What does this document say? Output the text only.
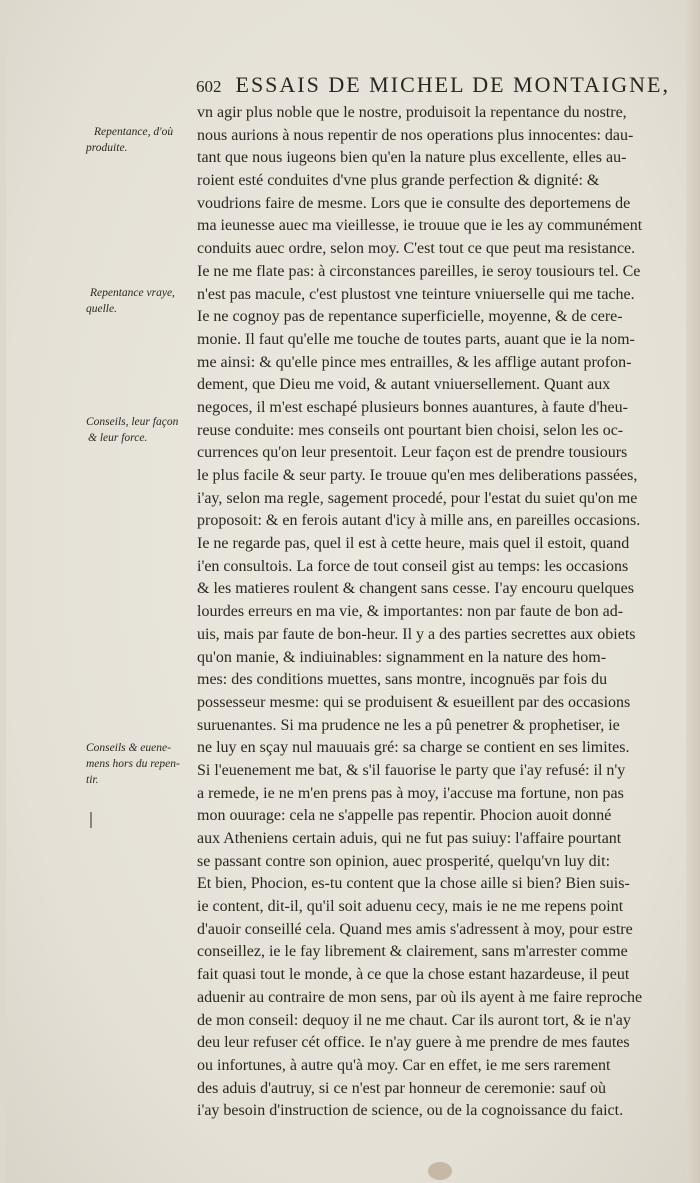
602 ESSAIS DE MICHEL DE MONTAIGNE,
Repentance, d'où
produite.
Repentance vraye,
quelle.
Conseils, leur façon
& leur force.
Conseils & euene-
mens hors du repen-
tir.
vn agir plus noble que le nostre, produisoit la repentance du nostre,
nous aurions à nous repentir de nos operations plus innocentes: dau-
tant que nous iugeons bien qu'en la nature plus excellente, elles au-
roient esté conduites d'vne plus grande perfection & dignité: &
voudrions faire de mesme. Lors que ie consulte des deportemens de
ma ieunesse auec ma vieillesse, ie trouue que ie les ay communément
conduits auec ordre, selon moy. C'est tout ce que peut ma resistance.
Ie ne me flate pas: à circonstances pareilles, ie seroy tousiours tel. Ce
n'est pas macule, c'est plustost vne teinture vniuerselle qui me tache.
Ie ne cognoy pas de repentance superficielle, moyenne, & de cere-
monie. Il faut qu'elle me touche de toutes parts, auant que ie la nom-
me ainsi: & qu'elle pince mes entrailles, & les afflige autant profon-
dement, que Dieu me void, & autant vniuersellement. Quant aux
negoces, il m'est eschapé plusieurs bonnes auantures, à faute d'heu-
reuse conduite: mes conseils ont pourtant bien choisi, selon les oc-
currences qu'on leur presentoit. Leur façon est de prendre tousiours
le plus facile & seur party. Ie trouue qu'en mes deliberations passées,
i'ay, selon ma regle, sagement procedé, pour l'estat du suiet qu'on me
proposoit: & en ferois autant d'icy à mille ans, en pareilles occasions.
Ie ne regarde pas, quel il est à cette heure, mais quel il estoit, quand
i'en consultois. La force de tout conseil gist au temps: les occasions
& les matieres roulent & changent sans cesse. I'ay encouru quelques
lourdes erreurs en ma vie, & importantes: non par faute de bon ad-
uis, mais par faute de bon-heur. Il y a des parties secrettes aux obiets
qu'on manie, & indiuinables: signamment en la nature des hom-
mes: des conditions muettes, sans montre, incognuës par fois du
possesseur mesme: qui se produisent & esueillent par des occasions
suruenantes. Si ma prudence ne les a pû penetrer & prophetiser, ie
ne luy en sçay nul mauuais gré: sa charge se contient en ses limites.
Si l'euenement me bat, & s'il fauorise le party que i'ay refusé: il n'y
a remede, ie ne m'en prens pas à moy, i'accuse ma fortune, non pas
mon ouurage: cela ne s'appelle pas repentir. Phocion auoit donné
aux Atheniens certain aduis, qui ne fut pas suiuy: l'affaire pourtant
se passant contre son opinion, auec prosperité, quelqu'vn luy dit:
Et bien, Phocion, es-tu content que la chose aille si bien? Bien suis-
ie content, dit-il, qu'il soit aduenu cecy, mais ie ne me repens point
d'auoir conseillé cela. Quand mes amis s'adressent à moy, pour estre
conseillez, ie le fay librement & clairement, sans m'arrester comme
fait quasi tout le monde, à ce que la chose estant hazardeuse, il peut
aduenir au contraire de mon sens, par où ils ayent à me faire reproche
de mon conseil: dequoy il ne me chaut. Car ils auront tort, & ie n'ay
deu leur refuser cét office. Ie n'ay guere à me prendre de mes fautes
ou infortunes, à autre qu'à moy. Car en effet, ie me sers rarement
des aduis d'autruy, si ce n'est par honneur de ceremonie: sauf où
i'ay besoin d'instruction de science, ou de la cognoissance du faict.
